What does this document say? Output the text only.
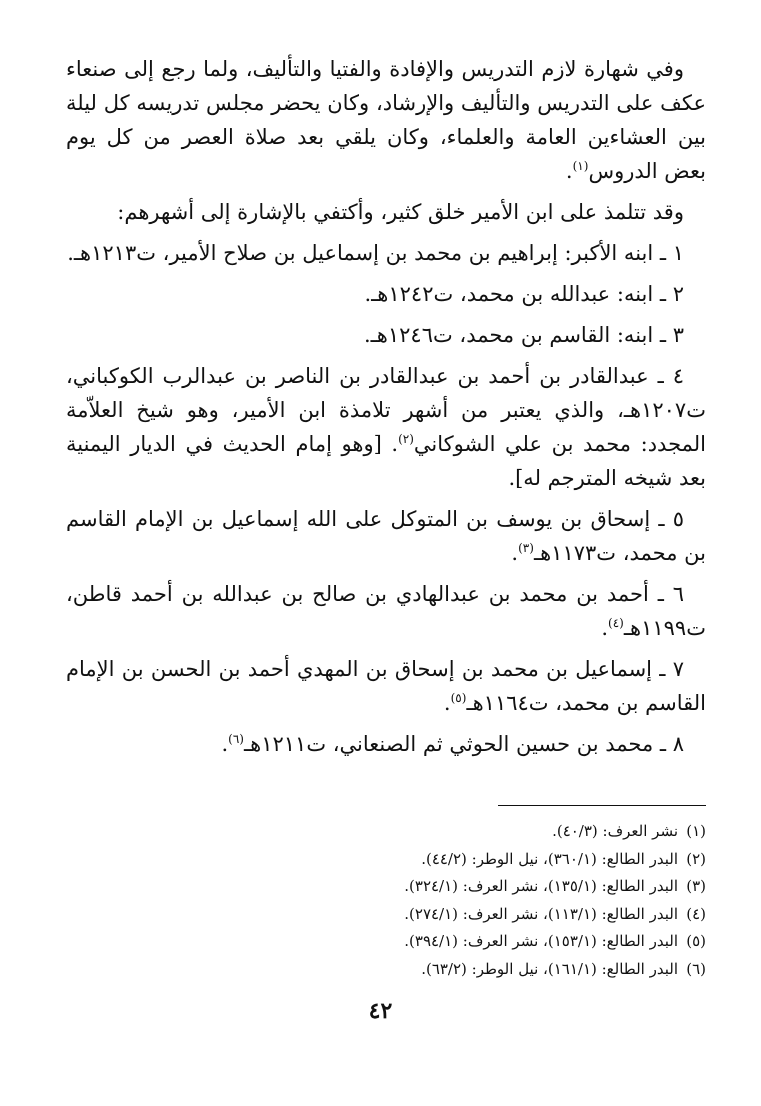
وفي شهارة لازم التدريس والإفادة والفتيا والتأليف، ولما رجع إلى صنعاء عكف على التدريس والتأليف والإرشاد، وكان يحضر مجلس تدريسه كل ليلة بين العشاءين العامة والعلماء، وكان يلقي بعد صلاة العصر من كل يوم بعض الدروس$^{(١)}$.

وقد تتلمذ على ابن الأمير خلق كثير، وأكتفي بالإشارة إلى أشهرهم:

١ ـ ابنه الأكبر: إبراهيم بن محمد بن إسماعيل بن صلاح الأمير، ت١٢١٣هـ.

٢ ـ ابنه: عبدالله بن محمد، ت١٢٤٢هـ.

٣ ـ ابنه: القاسم بن محمد، ت١٢٤٦هـ.

٤ ـ عبدالقادر بن أحمد بن عبدالقادر بن الناصر بن عبدالرب الكوكباني، ت١٢٠٧هـ، والذي يعتبر من أشهر تلامذة ابن الأمير، وهو شيخ العلاّمة المجدد: محمد بن علي الشوكاني$^{(٢)}$. [وهو إمام الحديث في الديار اليمنية بعد شيخه المترجم له].

٥ ـ إسحاق بن يوسف بن المتوكل على الله إسماعيل بن الإمام القاسم بن محمد، ت١١٧٣هـ$^{(٣)}$.

٦ ـ أحمد بن محمد بن عبدالهادي بن صالح بن عبدالله بن أحمد قاطن، ت١١٩٩هـ$^{(٤)}$.

٧ ـ إسماعيل بن محمد بن إسحاق بن المهدي أحمد بن الحسن بن الإمام القاسم بن محمد، ت١١٦٤هـ$^{(٥)}$.

٨ ـ محمد بن حسين الحوثي ثم الصنعاني، ت١٢١١هـ$^{(٦)}$.

(١)نشر العرف: (٤٠/٣).
(٢)البدر الطالع: (٣٦٠/١)، نيل الوطر: (٤٤/٢).
(٣)البدر الطالع: (١٣٥/١)، نشر العرف: (٣٢٤/١).
(٤)البدر الطالع: (١١٣/١)، نشر العرف: (٢٧٤/١).
(٥)البدر الطالع: (١٥٣/١)، نشر العرف: (٣٩٤/١).
(٦)البدر الطالع: (١٦١/١)، نيل الوطر: (٦٣/٢).
٤٢
